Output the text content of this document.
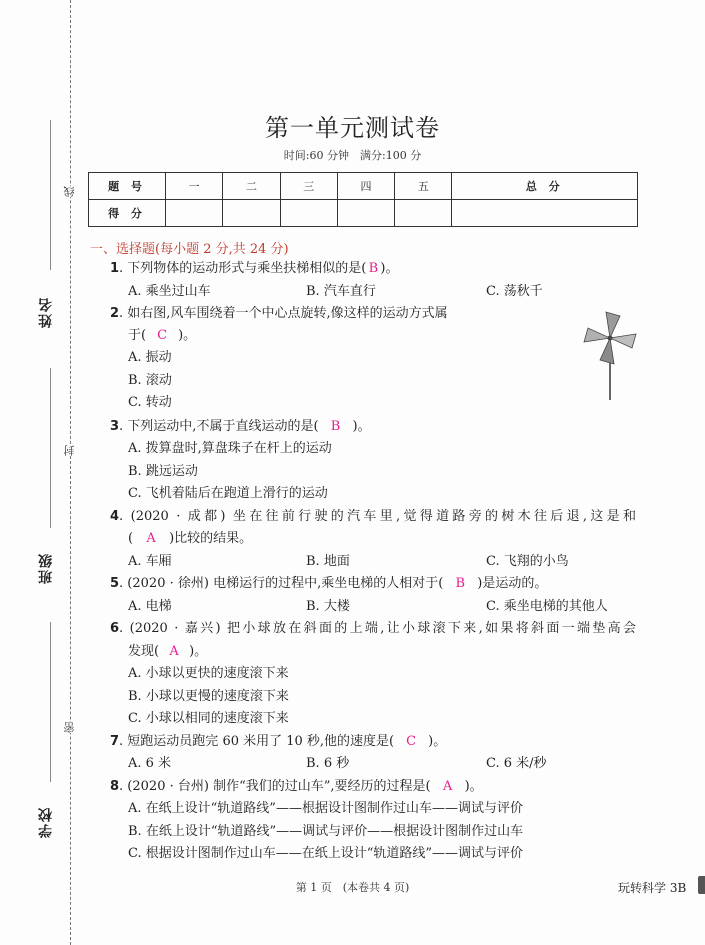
姓名
班级
学校
线
封
密
第一单元测试卷
时间:60 分钟　满分:100 分
题 号	一	二	三	四	五	总 分
得 分						
一、选择题(每小题 2 分,共 24 分)
1. 下列物体的运动形式与乘坐扶梯相似的是( B )。
A. 乘坐过山车	B. 汽车直行	C. 荡秋千
2. 如右图,风车围绕着一个中心点旋转,像这样的运动方式属
于( C )。
A. 振动
B. 滚动
C. 转动
3. 下列运动中,不属于直线运动的是( B )。
A. 拨算盘时,算盘珠子在杆上的运动
B. 跳远运动
C. 飞机着陆后在跑道上滑行的运动
4. (2020 · 成都) 坐在往前行驶的汽车里,觉得道路旁的树木往后退,这是和
( A )比较的结果。
A. 车厢	B. 地面	C. 飞翔的小鸟
5. (2020 · 徐州) 电梯运行的过程中,乘坐电梯的人相对于( B )是运动的。
A. 电梯	B. 大楼	C. 乘坐电梯的其他人
6. (2020 · 嘉兴) 把小球放在斜面的上端,让小球滚下来,如果将斜面一端垫高会
发现( A )。
A. 小球以更快的速度滚下来
B. 小球以更慢的速度滚下来
C. 小球以相同的速度滚下来
7. 短跑运动员跑完 60 米用了 10 秒,他的速度是( C )。
A. 6 米	B. 6 秒	C. 6 米/秒
8. (2020 · 台州) 制作“我们的过山车”,要经历的过程是( A )。
A. 在纸上设计“轨道路线”——根据设计图制作过山车——调试与评价
B. 在纸上设计“轨道路线”——调试与评价——根据设计图制作过山车
C. 根据设计图制作过山车——在纸上设计“轨道路线”——调试与评价
第 1 页　(本卷共 4 页)	玩转科学 3B
